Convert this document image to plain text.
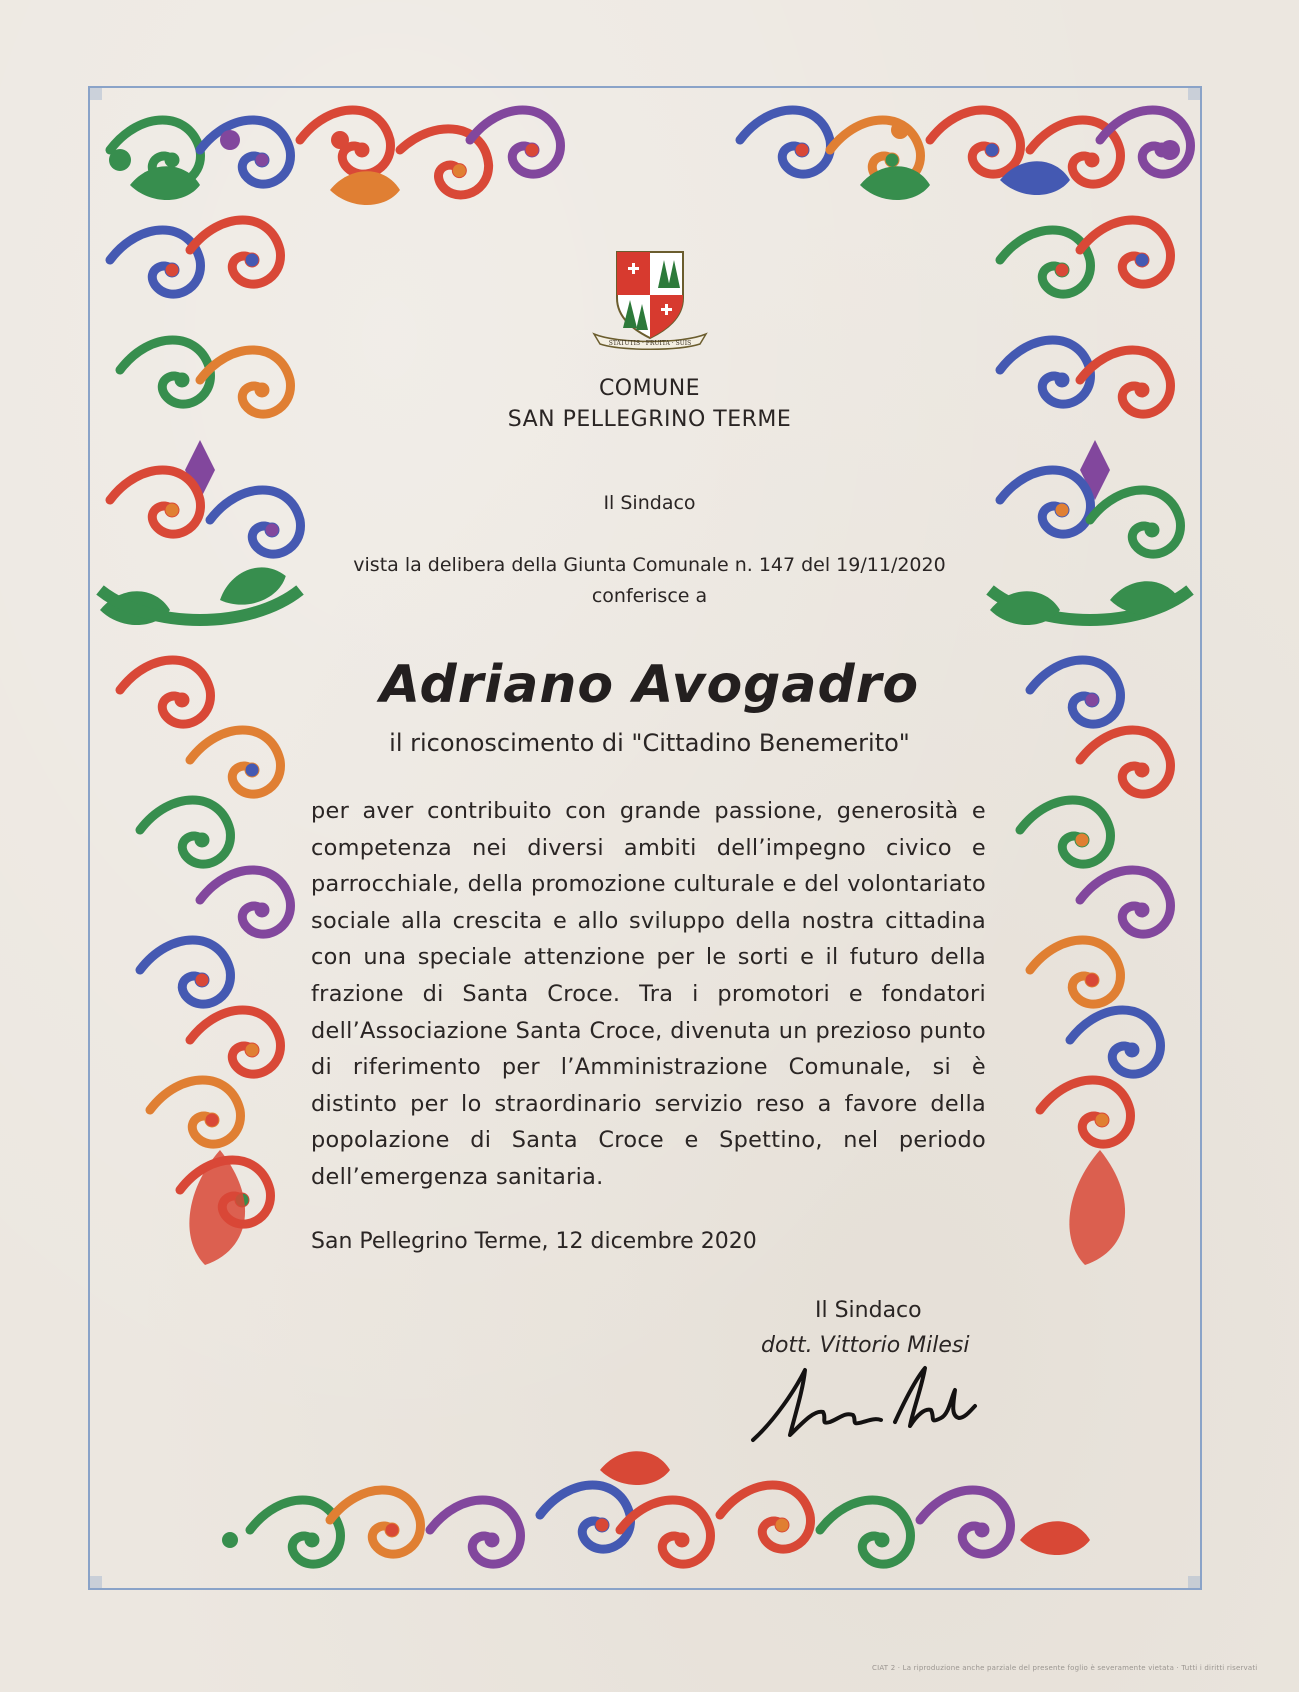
STATUTIS · FRUITA · SUIS
COMUNE
SAN PELLEGRINO TERME
Il Sindaco
vista la delibera della Giunta Comunale n. 147 del 19/11/2020
conferisce a
Adriano Avogadro
il riconoscimento di "Cittadino Benemerito"
per aver contribuito con grande passione, generosità e competenza nei diversi ambiti dell’impegno civico e parrocchiale, della promozione culturale e del volontariato sociale alla crescita e allo sviluppo della nostra cittadina con una speciale attenzione per le sorti e il futuro della frazione di Santa Croce. Tra i promotori e fondatori dell’Associazione Santa Croce, divenuta un prezioso punto di riferimento per l’Amministrazione Comunale, si è distinto per lo straordinario servizio reso a favore della popolazione di Santa Croce e Spettino, nel periodo dell’emergenza sanitaria.
San Pellegrino Terme, 12 dicembre 2020
Il Sindaco
dott. Vittorio Milesi
CIAT 2 · La riproduzione anche parziale del presente foglio è severamente vietata · Tutti i diritti riservati
